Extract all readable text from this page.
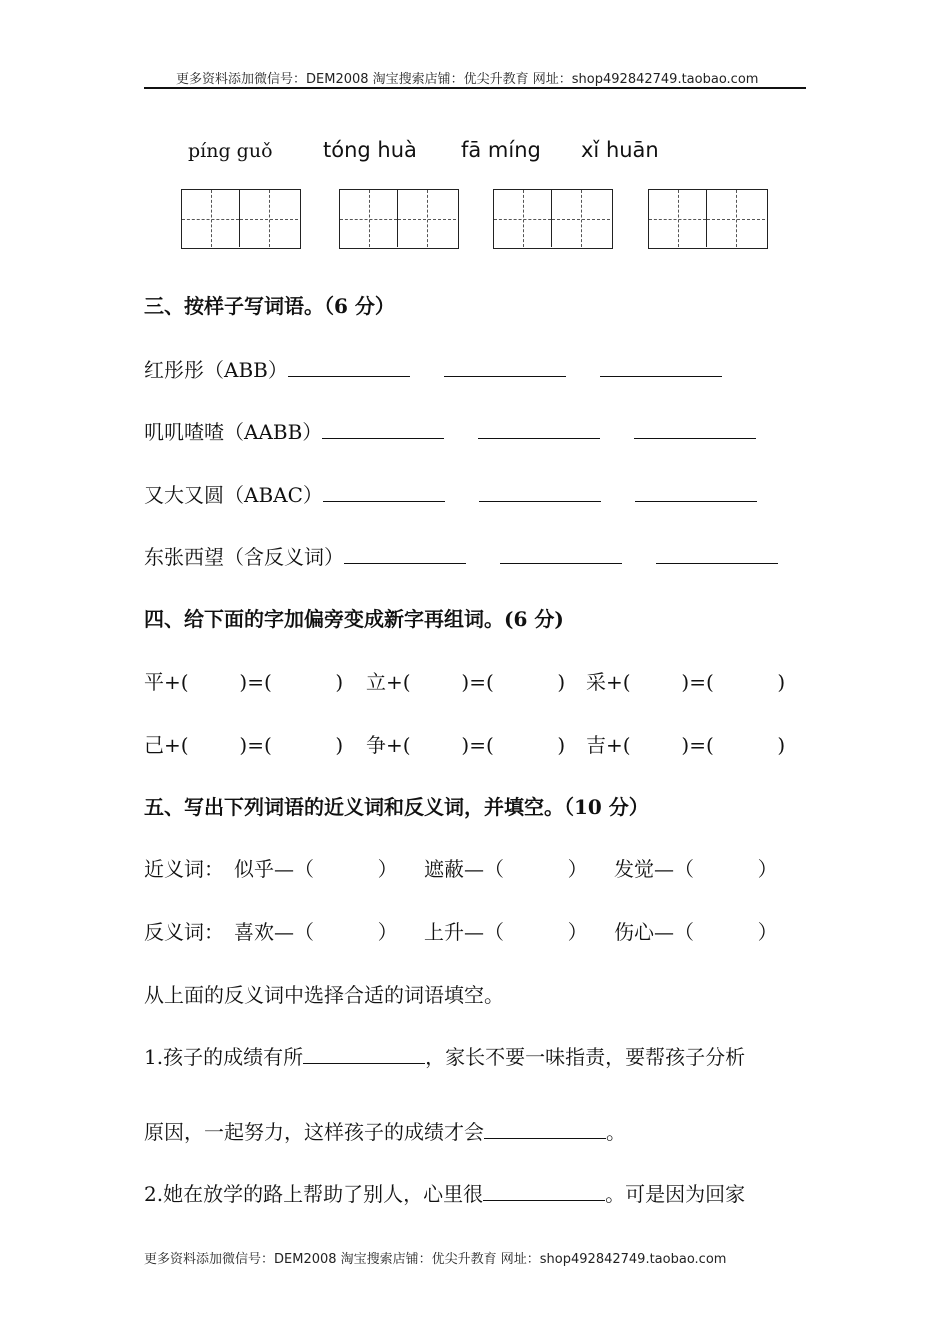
更多资料添加微信号：DEM2008 淘宝搜索店铺：优尖升教育 网址：shop492842749.taobao.com
píng guǒ tóng huà fā míng xǐ huān
三、按样子写词语。（6 分）
红彤彤（ABB）
叽叽喳喳（AABB）
又大又圆（ABAC）
东张西望（含反义词）
四、给下面的字加偏旁变成新字再组词。(6 分)
平+(        )=(          ) 立+(        )=(          ) 采+(        )=(          )
己+(        )=(          ) 争+(        )=(          ) 吉+(        )=(          )
五、写出下列词语的近义词和反义词，并填空。（10 分）
近义词： 似乎—（          ） 遮蔽—（          ） 发觉—（          ）
反义词： 喜欢—（          ） 上升—（          ） 伤心—（          ）
从上面的反义词中选择合适的词语填空。
1.孩子的成绩有所	，家长不要一味指责，要帮孩子分析
原因，一起努力，这样孩子的成绩才会	。
2.她在放学的路上帮助了别人，心里很	。可是因为回家
更多资料添加微信号：DEM2008 淘宝搜索店铺：优尖升教育 网址：shop492842749.taobao.com
